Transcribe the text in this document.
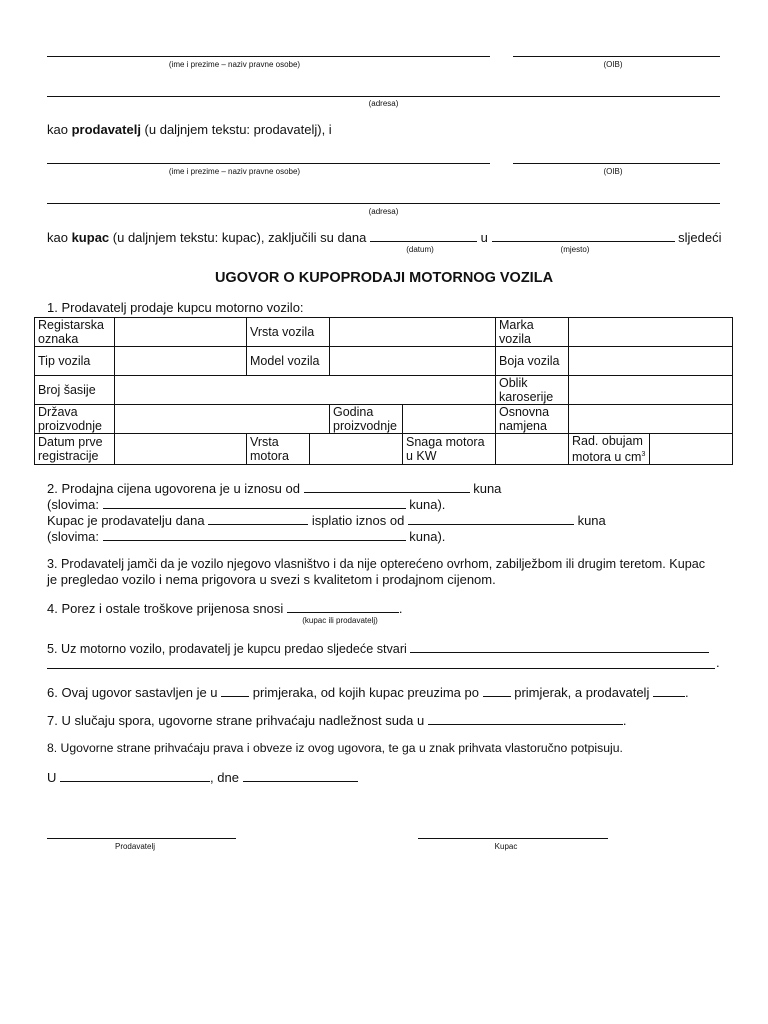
(ime i prezime – naziv pravne osobe)	(OIB)
(adresa)
kao prodavatelj (u daljnjem tekstu: prodavatelj), i
(ime i prezime – naziv pravne osobe)	(OIB)
(adresa)
kao kupac (u daljnjem tekstu: kupac), zaključili su dana	u	sljedeći
(datum)	(mjesto)
UGOVOR O KUPOPRODAJI MOTORNOG VOZILA
1. Prodavatelj prodaje kupcu motorno vozilo:
Registarska oznaka		Vrsta vozila				Marka vozila		
Tip vozila		Model vozila				Boja vozila		
Broj šasije						Oblik karoserije		
Država proizvodnje				Godina proizvodnje		Osnovna namjena		
Datum prve registracije		Vrsta motora			Snaga motora u KW		Rad. obujam motora u $cm^3$	
2. Prodajna cijena ugovorena je u iznosu od	kuna
(slovima:	kuna).
Kupac je prodavatelju dana	isplatio iznos od	kuna
(slovima:	kuna).
3. Prodavatelj jamči da je vozilo njegovo vlasništvo i da nije opterećeno ovrhom, zabilježbom ili drugim teretom. Kupac
je pregledao vozilo i nema prigovora u svezi s kvalitetom i prodajnom cijenom.
4. Porez i ostale troškove prijenosa snosi	.
(kupac ili prodavatelj)
5. Uz motorno vozilo, prodavatelj je kupcu predao sljedeće stvari
.
6. Ovaj ugovor sastavljen je u	primjeraka, od kojih kupac preuzima po	primjerak, a prodavatelj	.
7. U slučaju spora, ugovorne strane prihvaćaju nadležnost suda u	.
8. Ugovorne strane prihvaćaju prava i obveze iz ovog ugovora, te ga u znak prihvata vlastoručno potpisuju.
U	, dne
Prodavatelj	Kupac
